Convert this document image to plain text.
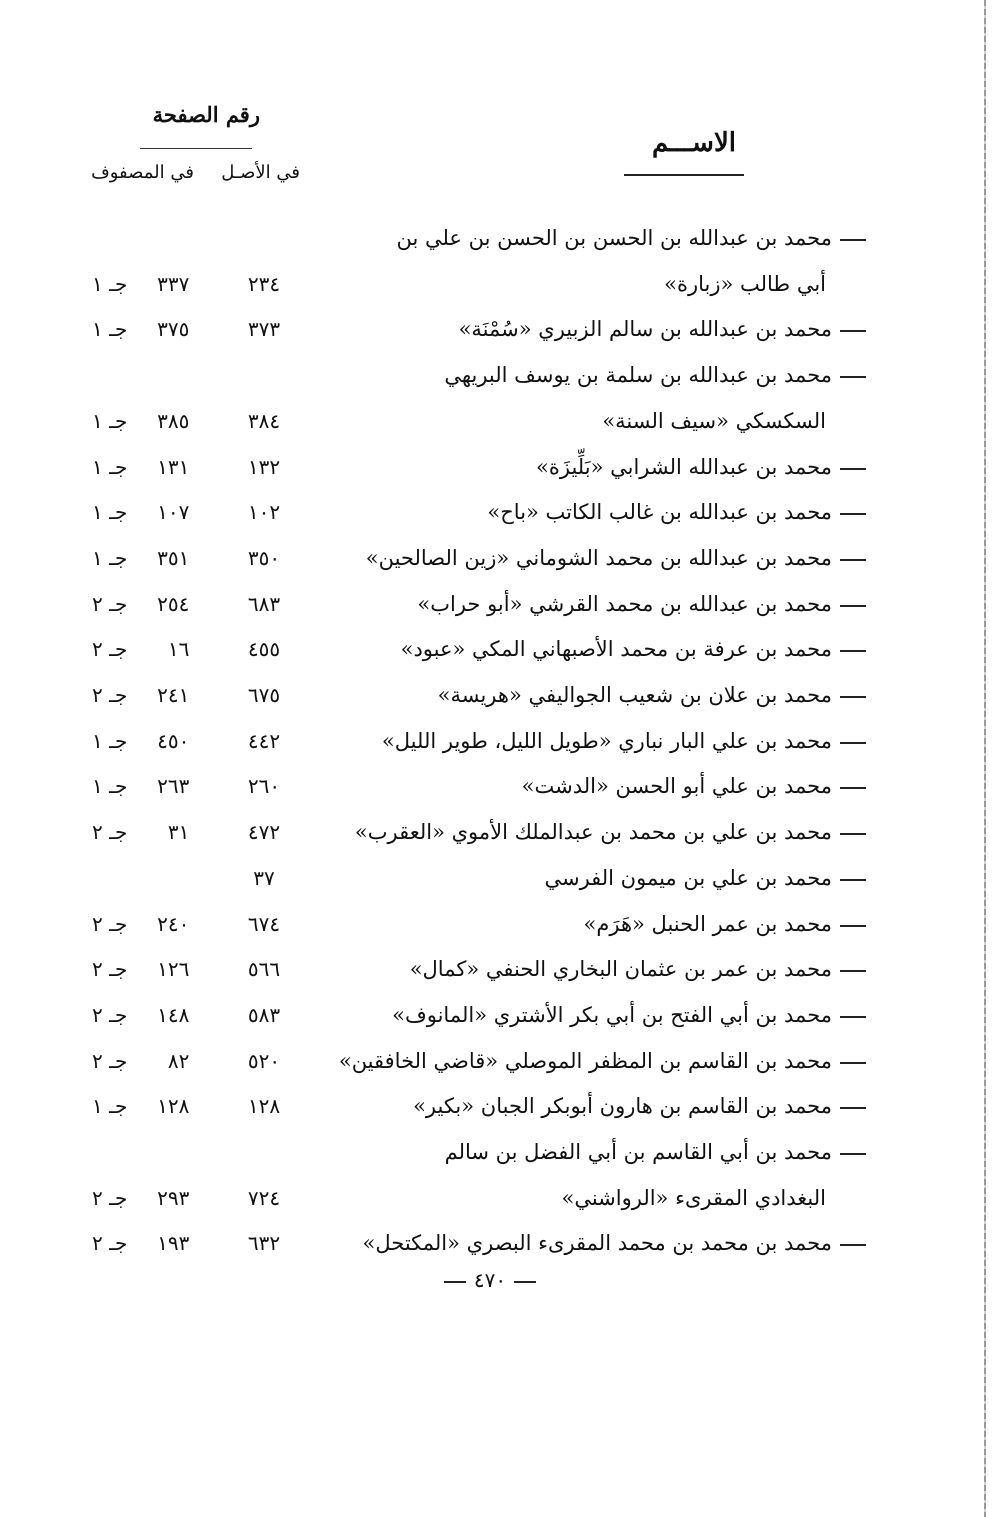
الاســـم
رقم الصفحة
في الأصـل
في المصفوف
محمد بن عبدالله بن الحسن بن الحسن بن علي بن
أبي طالب «زبارة»
٢٣٤
٣٣٧جـ ١
محمد بن عبدالله بن سالم الزبيري «سُمْنَة»
٣٧٣
٣٧٥جـ ١
محمد بن عبدالله بن سلمة بن يوسف البريهي
السكسكي «سيف السنة»
٣٨٤
٣٨٥جـ ١
محمد بن عبدالله الشرابي «بَلِّيزَة»
١٣٢
١٣١جـ ١
محمد بن عبدالله بن غالب الكاتب «باح»
١٠٢
١٠٧جـ ١
محمد بن عبدالله بن محمد الشوماني «زين الصالحين»
٣٥٠
٣٥١جـ ١
محمد بن عبدالله بن محمد القرشي «أبو حراب»
٦٨٣
٢٥٤جـ ٢
محمد بن عرفة بن محمد الأصبهاني المكي «عبود»
٤٥٥
١٦جـ ٢
محمد بن علان بن شعيب الجواليفي «هريسة»
٦٧٥
٢٤١جـ ٢
محمد بن علي البار نباري «طويل الليل، طوير الليل»
٤٤٢
٤٥٠جـ ١
محمد بن علي أبو الحسن «الدشت»
٢٦٠
٢٦٣جـ ١
محمد بن علي بن محمد بن عبدالملك الأموي «العقرب»
٤٧٢
٣١جـ ٢
محمد بن علي بن ميمون الفرسي
٣٧
محمد بن عمر الحنبل «هَرَم»
٦٧٤
٢٤٠جـ ٢
محمد بن عمر بن عثمان البخاري الحنفي «كمال»
٥٦٦
١٢٦جـ ٢
محمد بن أبي الفتح بن أبي بكر الأشتري «المانوف»
٥٨٣
١٤٨جـ ٢
محمد بن القاسم بن المظفر الموصلي «قاضي الخافقين»
٥٢٠
٨٢جـ ٢
محمد بن القاسم بن هارون أبوبكر الجبان «بكير»
١٢٨
١٢٨جـ ١
محمد بن أبي القاسم بن أبي الفضل بن سالم
البغدادي المقرىء «الرواشني»
٧٢٤
٢٩٣جـ ٢
محمد بن محمد بن محمد المقرىء البصري «المكتحل»
٦٣٢
١٩٣جـ ٢
٤٧٠
